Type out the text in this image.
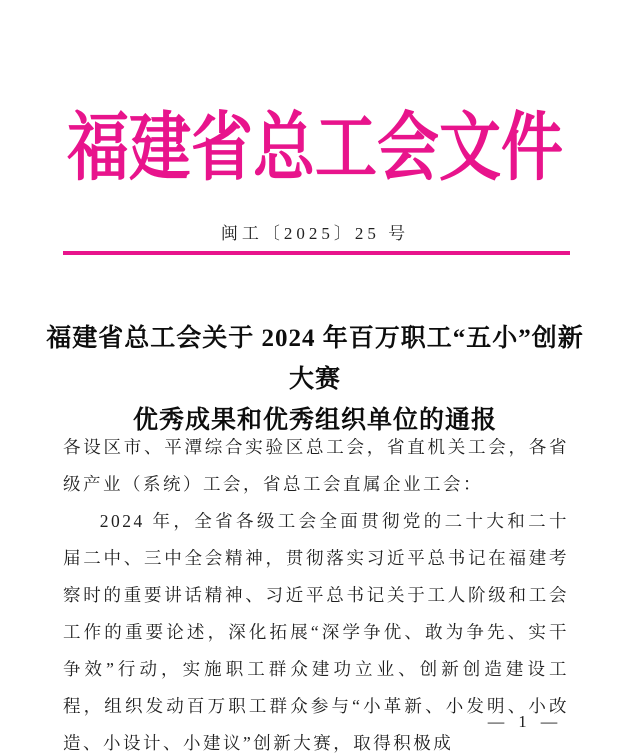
福建省总工会文件
闽工〔2025〕25 号
福建省总工会关于 2024 年百万职工“五小”创新大赛
优秀成果和优秀组织单位的通报

各设区市、平潭综合实验区总工会，省直机关工会，各省级产业（系统）工会，省总工会直属企业工会：

2024 年，全省各级工会全面贯彻党的二十大和二十届二中、三中全会精神，贯彻落实习近平总书记在福建考察时的重要讲话精神、习近平总书记关于工人阶级和工会工作的重要论述，深化拓展“深学争优、敢为争先、实干争效”行动，实施职工群众建功立业、创新创造建设工程，组织发动百万职工群众参与“小革新、小发明、小改造、小设计、小建议”创新大赛，取得积极成

— 1 —
